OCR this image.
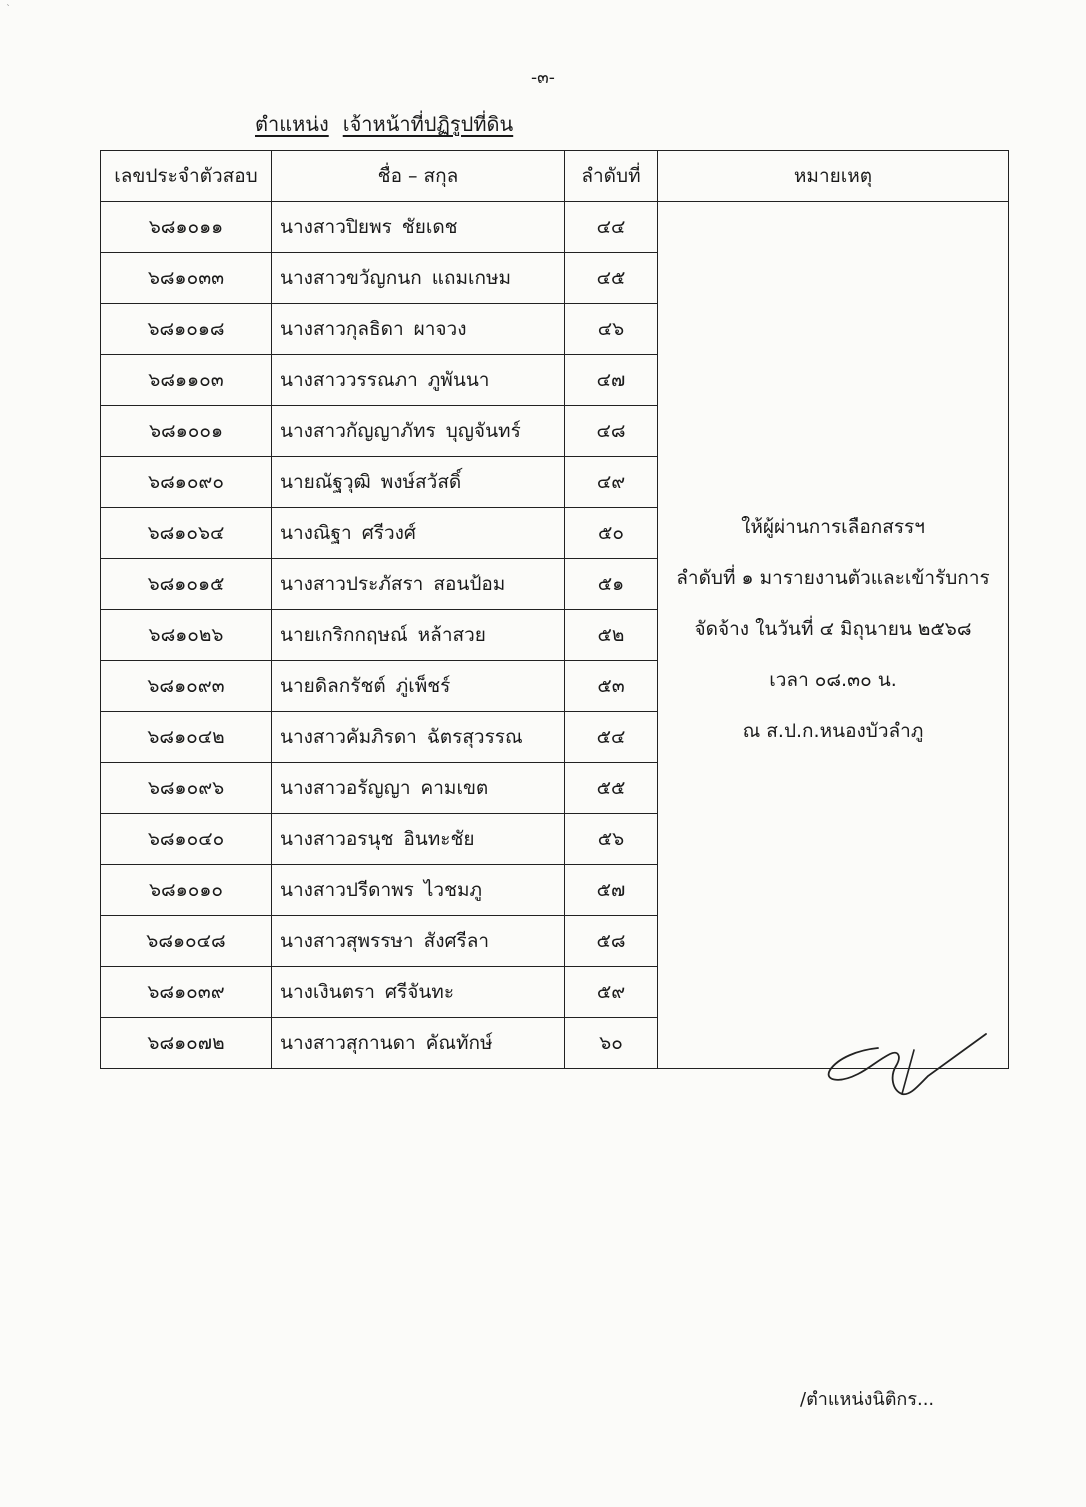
`
-๓-
ตำแหน่ง เจ้าหน้าที่ปฏิรูปที่ดิน
เลขประจำตัวสอบ	ชื่อ – สกุล	ลำดับที่	หมายเหตุ
๖๘๑๐๑๑	นางสาวปิยพร ชัยเดช	๔๔	ให้ผู้ผ่านการเลือกสรรฯ
ลำดับที่ ๑ มารายงานตัวและเข้ารับการ
จัดจ้าง ในวันที่ ๔ มิถุนายน ๒๕๖๘
เวลา ๐๘.๓๐ น.
ณ ส.ป.ก.หนองบัวลำภู

๖๘๑๐๓๓	นางสาวขวัญกนก แถมเกษม	๔๕	
๖๘๑๐๑๘	นางสาวกุลธิดา ผาจวง	๔๖	
๖๘๑๑๐๓	นางสาววรรณภา ภูพันนา	๔๗	
๖๘๑๐๐๑	นางสาวกัญญาภัทร บุญจันทร์	๔๘	
๖๘๑๐๙๐	นายณัฐวุฒิ พงษ์สวัสดิ์	๔๙	
๖๘๑๐๖๔	นางณิฐา ศรีวงศ์	๕๐	
๖๘๑๐๑๕	นางสาวประภัสรา สอนป้อม	๕๑	
๖๘๑๐๒๖	นายเกริกกฤษณ์ หล้าสวย	๕๒	
๖๘๑๐๙๓	นายดิลกรัชต์ ภู่เพ็ชร์	๕๓	
๖๘๑๐๔๒	นางสาวคัมภิรดา ฉัตรสุวรรณ	๕๔	
๖๘๑๐๙๖	นางสาวอรัญญา คามเขต	๕๕	
๖๘๑๐๔๐	นางสาวอรนุช อินทะชัย	๕๖	
๖๘๑๐๑๐	นางสาวปรีดาพร ไวชมภู	๕๗	
๖๘๑๐๔๘	นางสาวสุพรรษา สังศรีลา	๕๘	
๖๘๑๐๓๙	นางเงินตรา ศรีจันทะ	๕๙	
๖๘๑๐๗๒	นางสาวสุกานดา คัณทักษ์	๖๐	
/ตำแหน่งนิติกร...
